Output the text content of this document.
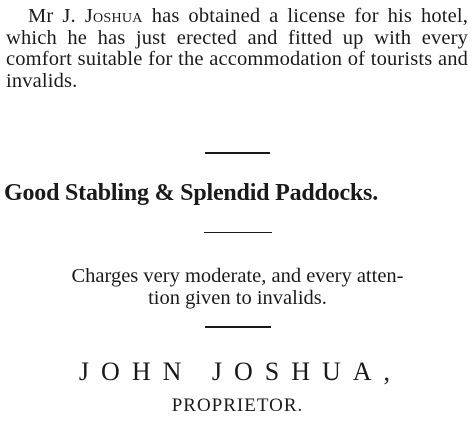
Mr J. Joshua has obtained a license for his hotel, which he has just erected and fitted up with every comfort suitable for the accommodation of tourists and invalids.

Good Stabling & Splendid Paddocks.
Charges very moderate, and every atten-
tion given to invalids.
JOHN JOSHUA,
PROPRIETOR.
